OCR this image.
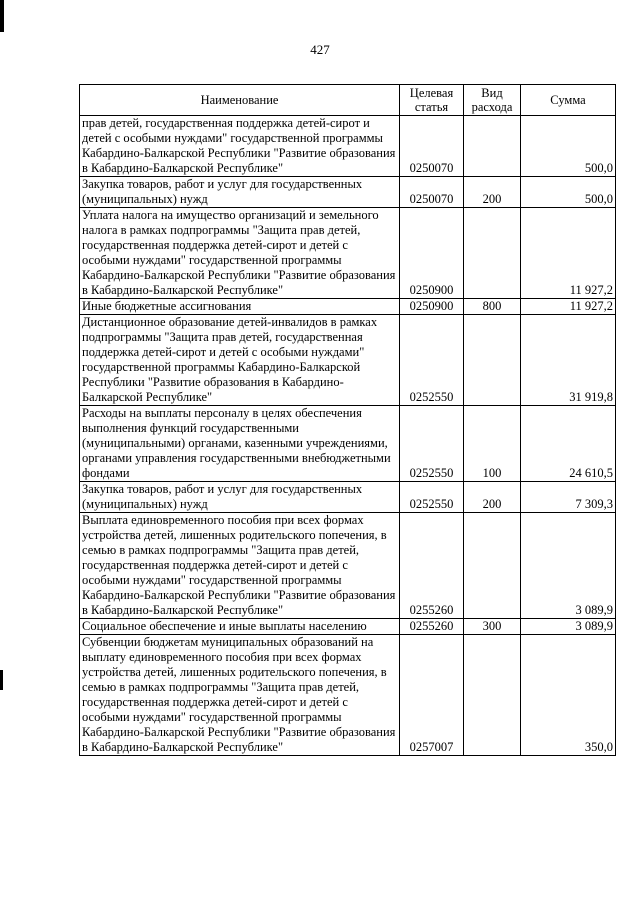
427
Наименование	Целевая статья	Вид расхода	Сумма
прав детей, государственная поддержка детей-сирот и детей с особыми нуждами" государственной программы Кабардино-Балкарской Республики "Развитие образования в Кабардино-Балкарской Республике"	0250070		500,0
Закупка товаров, работ и услуг для государственных (муниципальных) нужд	0250070	200	500,0
Уплата налога на имущество организаций и земельного налога в рамках подпрограммы "Защита прав детей, государственная поддержка детей-сирот и детей с особыми нуждами" государственной программы Кабардино-Балкарской Республики "Развитие образования в Кабардино-Балкарской Республике"	0250900		11 927,2
Иные бюджетные ассигнования	0250900	800	11 927,2
Дистанционное образование детей-инвалидов в рамках подпрограммы "Защита прав детей, государственная поддержка детей-сирот и детей с особыми нуждами" государственной программы Кабардино-Балкарской Республики "Развитие образования в Кабардино-Балкарской Республике"	0252550		31 919,8
Расходы на выплаты персоналу в целях обеспечения выполнения функций государственными (муниципальными) органами, казенными учреждениями, органами управления государственными внебюджетными фондами	0252550	100	24 610,5
Закупка товаров, работ и услуг для государственных (муниципальных) нужд	0252550	200	7 309,3
Выплата единовременного пособия при всех формах устройства детей, лишенных родительского попечения, в семью в рамках подпрограммы "Защита прав детей, государственная поддержка детей-сирот и детей с особыми нуждами" государственной программы Кабардино-Балкарской Республики "Развитие образования в Кабардино-Балкарской Республике"	0255260		3 089,9
Социальное обеспечение и иные выплаты населению	0255260	300	3 089,9
Субвенции бюджетам муниципальных образований на выплату единовременного пособия при всех формах устройства детей, лишенных родительского попечения, в семью в рамках подпрограммы "Защита прав детей, государственная поддержка детей-сирот и детей с особыми нуждами" государственной программы Кабардино-Балкарской Республики "Развитие образования в Кабардино-Балкарской Республике"	0257007		350,0
